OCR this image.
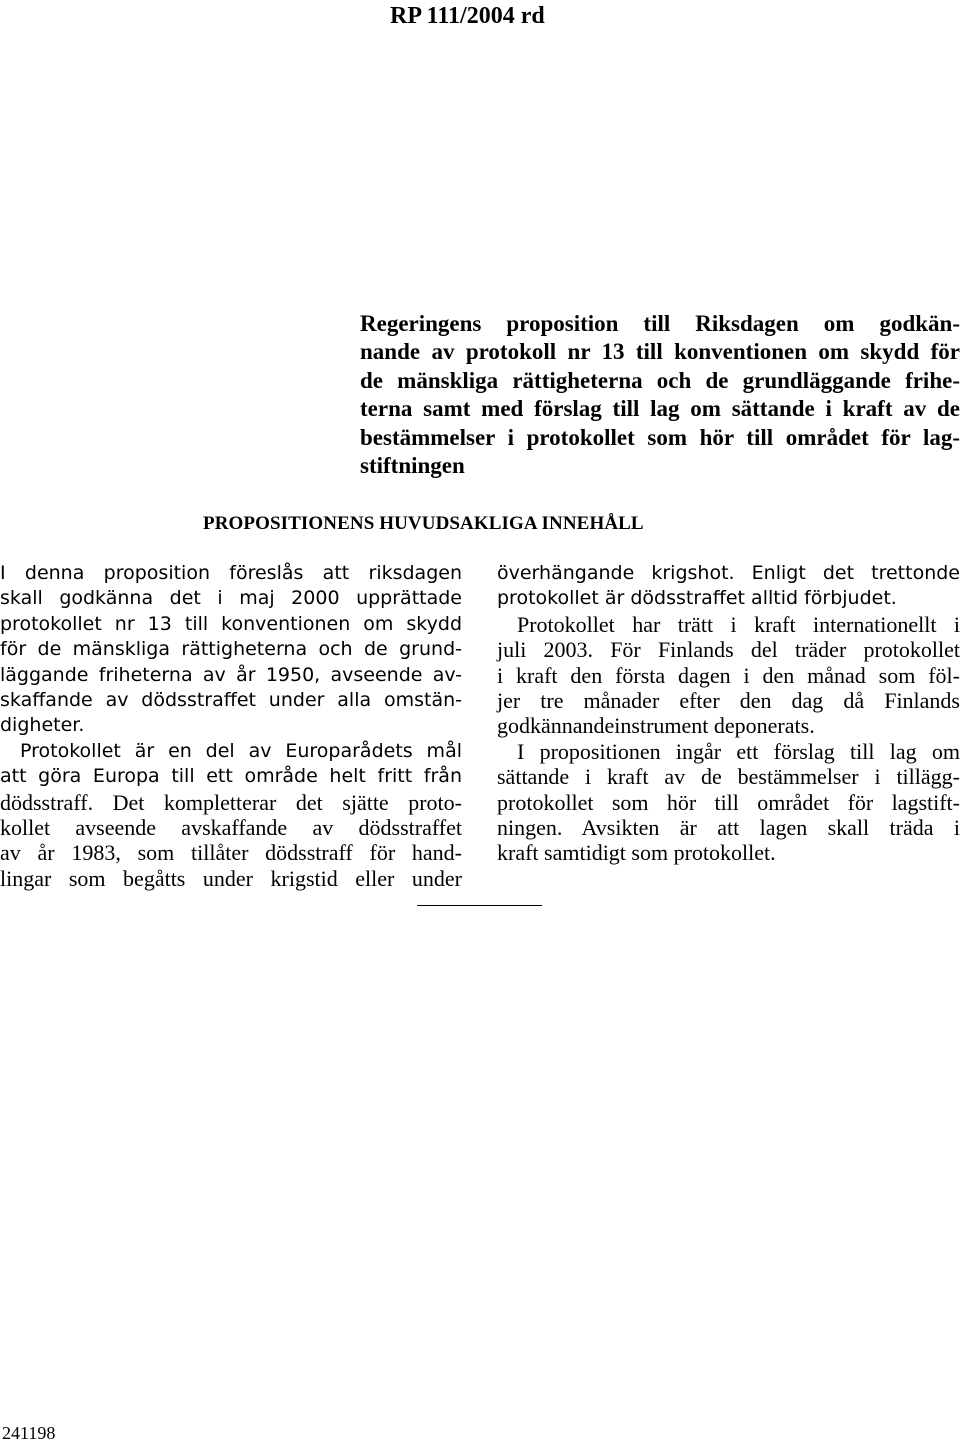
RP 111/2004 rd
Regeringens proposition till Riksdagen om godkän-
nande av protokoll nr 13 till konventionen om skydd för
de mänskliga rättigheterna och de grundläggande frihe-
terna samt med förslag till lag om sättande i kraft av de
bestämmelser i protokollet som hör till området för lag-
stiftningen
PROPOSITIONENS HUVUDSAKLIGA INNEHÅLL
I denna proposition föreslås att riksdagen
skall godkänna det i maj 2000 upprättade
protokollet nr 13 till konventionen om skydd
för de mänskliga rättigheterna och de grund-
läggande friheterna av år 1950, avseende av-
skaffande av dödsstraffet under alla omstän-
digheter.
Protokollet är en del av Europarådets mål
att göra Europa till ett område helt fritt från
dödsstraff. Det kompletterar det sjätte proto-
kollet avseende avskaffande av dödsstraffet
av år 1983, som tillåter dödsstraff för hand-
lingar som begåtts under krigstid eller under
överhängande krigshot. Enligt det trettonde
protokollet är dödsstraffet alltid förbjudet.
Protokollet har trätt i kraft internationellt i
juli 2003. För Finlands del träder protokollet
i kraft den första dagen i den månad som föl-
jer tre månader efter den dag då Finlands
godkännandeinstrument deponerats.
I propositionen ingår ett förslag till lag om
sättande i kraft av de bestämmelser i tillägg-
protokollet som hör till området för lagstift-
ningen. Avsikten är att lagen skall träda i
kraft samtidigt som protokollet.
241198
